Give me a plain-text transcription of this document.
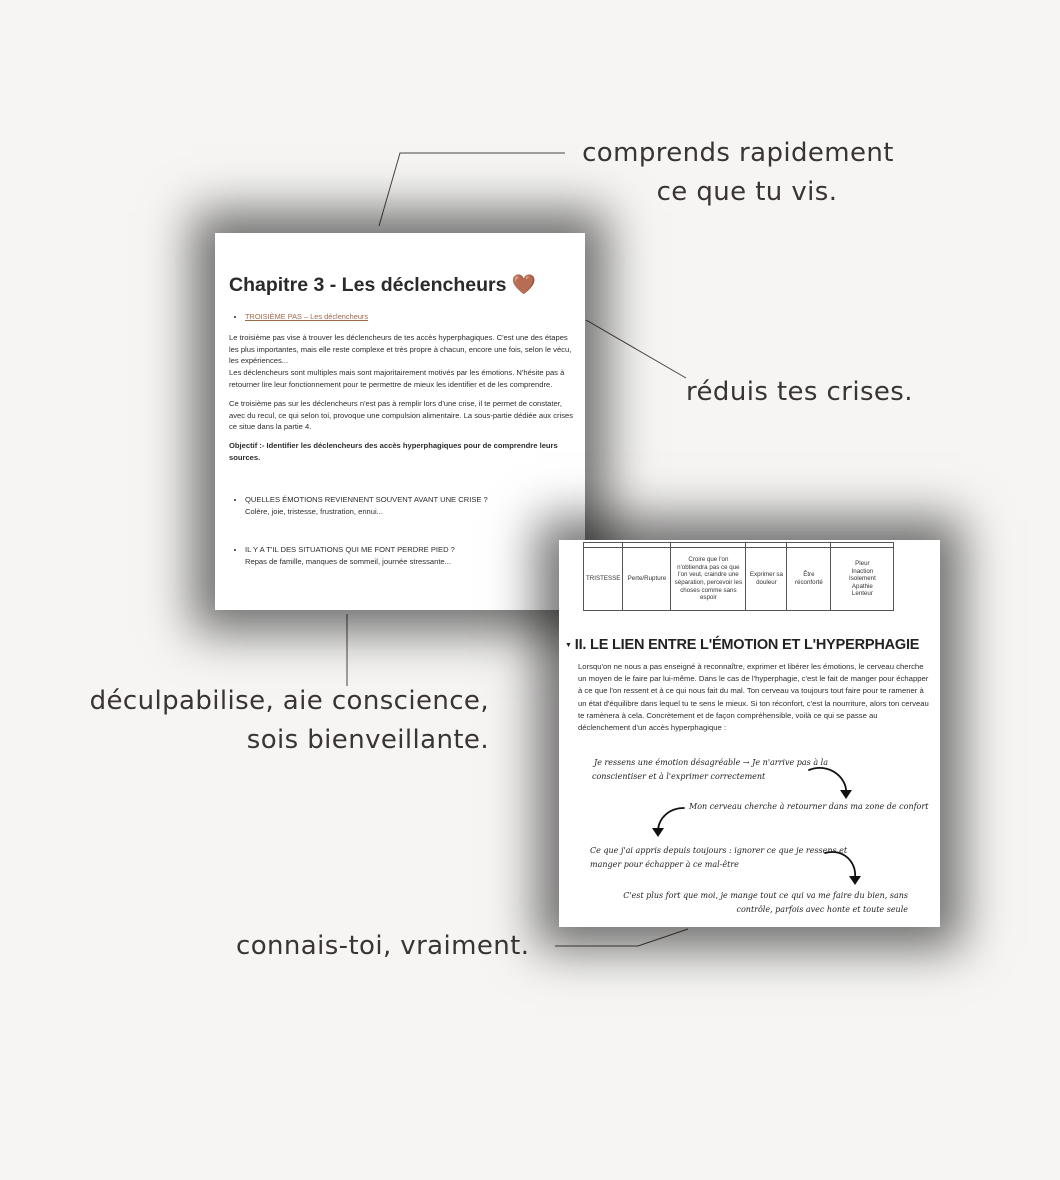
comprends rapidement
ce que tu vis.
réduis tes crises.
déculpabilise, aie conscience,
sois bienveillante.
connais-toi, vraiment.
Chapitre 3 - Les déclencheurs 🤎
• TROISIÈME PAS – Les déclencheurs

Le troisième pas vise à trouver les déclencheurs de tes accès hyperphagiques. C'est une des étapes les plus importantes, mais elle reste complexe et très propre à chacun, encore une fois, selon le vécu, les expériences...
Les déclencheurs sont multiples mais sont majoritairement motivés par les émotions. N'hésite pas à retourner lire leur fonctionnement pour te permettre de mieux les identifier et de les comprendre.

Ce troisième pas sur les déclencheurs n'est pas à remplir lors d'une crise, il te permet de constater, avec du recul, ce qui selon toi, provoque une compulsion alimentaire. La sous-partie dédiée aux crises ce situe dans la partie 4.

Objectif :- Identifier les déclencheurs des accès hyperphagiques pour de comprendre leurs sources.

• QUELLES ÉMOTIONS REVIENNENT SOUVENT AVANT UNE CRISE ?
Colère, joie, tristesse, frustration, ennui...
• IL Y A T'IL DES SITUATIONS QUI ME FONT PERDRE PIED ?
Repas de famille, manques de sommeil, journée stressante...

TRISTESSE	Perte/Rupture	Croire que l'on n'obtiendra pas ce que l'on veut, craindre une séparation, percevoir les choses comme sans espoir	Exprimer sa douleur	Être réconforté	Pleur Inaction Isolement Apathie Lenteur
▼ II. LE LIEN ENTRE L'ÉMOTION ET L'HYPERPHAGIE
Lorsqu'on ne nous a pas enseigné à reconnaître, exprimer et libérer les émotions, le cerveau cherche un moyen de le faire par lui-même. Dans le cas de l'hyperphagie, c'est le fait de manger pour échapper à ce que l'on ressent et à ce qui nous fait du mal. Ton cerveau va toujours tout faire pour te ramener à un état d'équilibre dans lequel tu te sens le mieux. Si ton réconfort, c'est la nourriture, alors ton cerveau te ramènera à cela. Concrètement et de façon compréhensible, voilà ce qui se passe au déclenchement d'un accès hyperphagique :
Je ressens une émotion désagréable → Je n'arrive pas à la
conscientiser et à l'exprimer correctement
Mon cerveau cherche à retourner dans ma zone de confort
Ce que j'ai appris depuis toujours : ignorer ce que je ressens et
manger pour échapper à ce mal-être
C'est plus fort que moi, je mange tout ce qui va me faire du bien, sans
contrôle, parfois avec honte et toute seule
